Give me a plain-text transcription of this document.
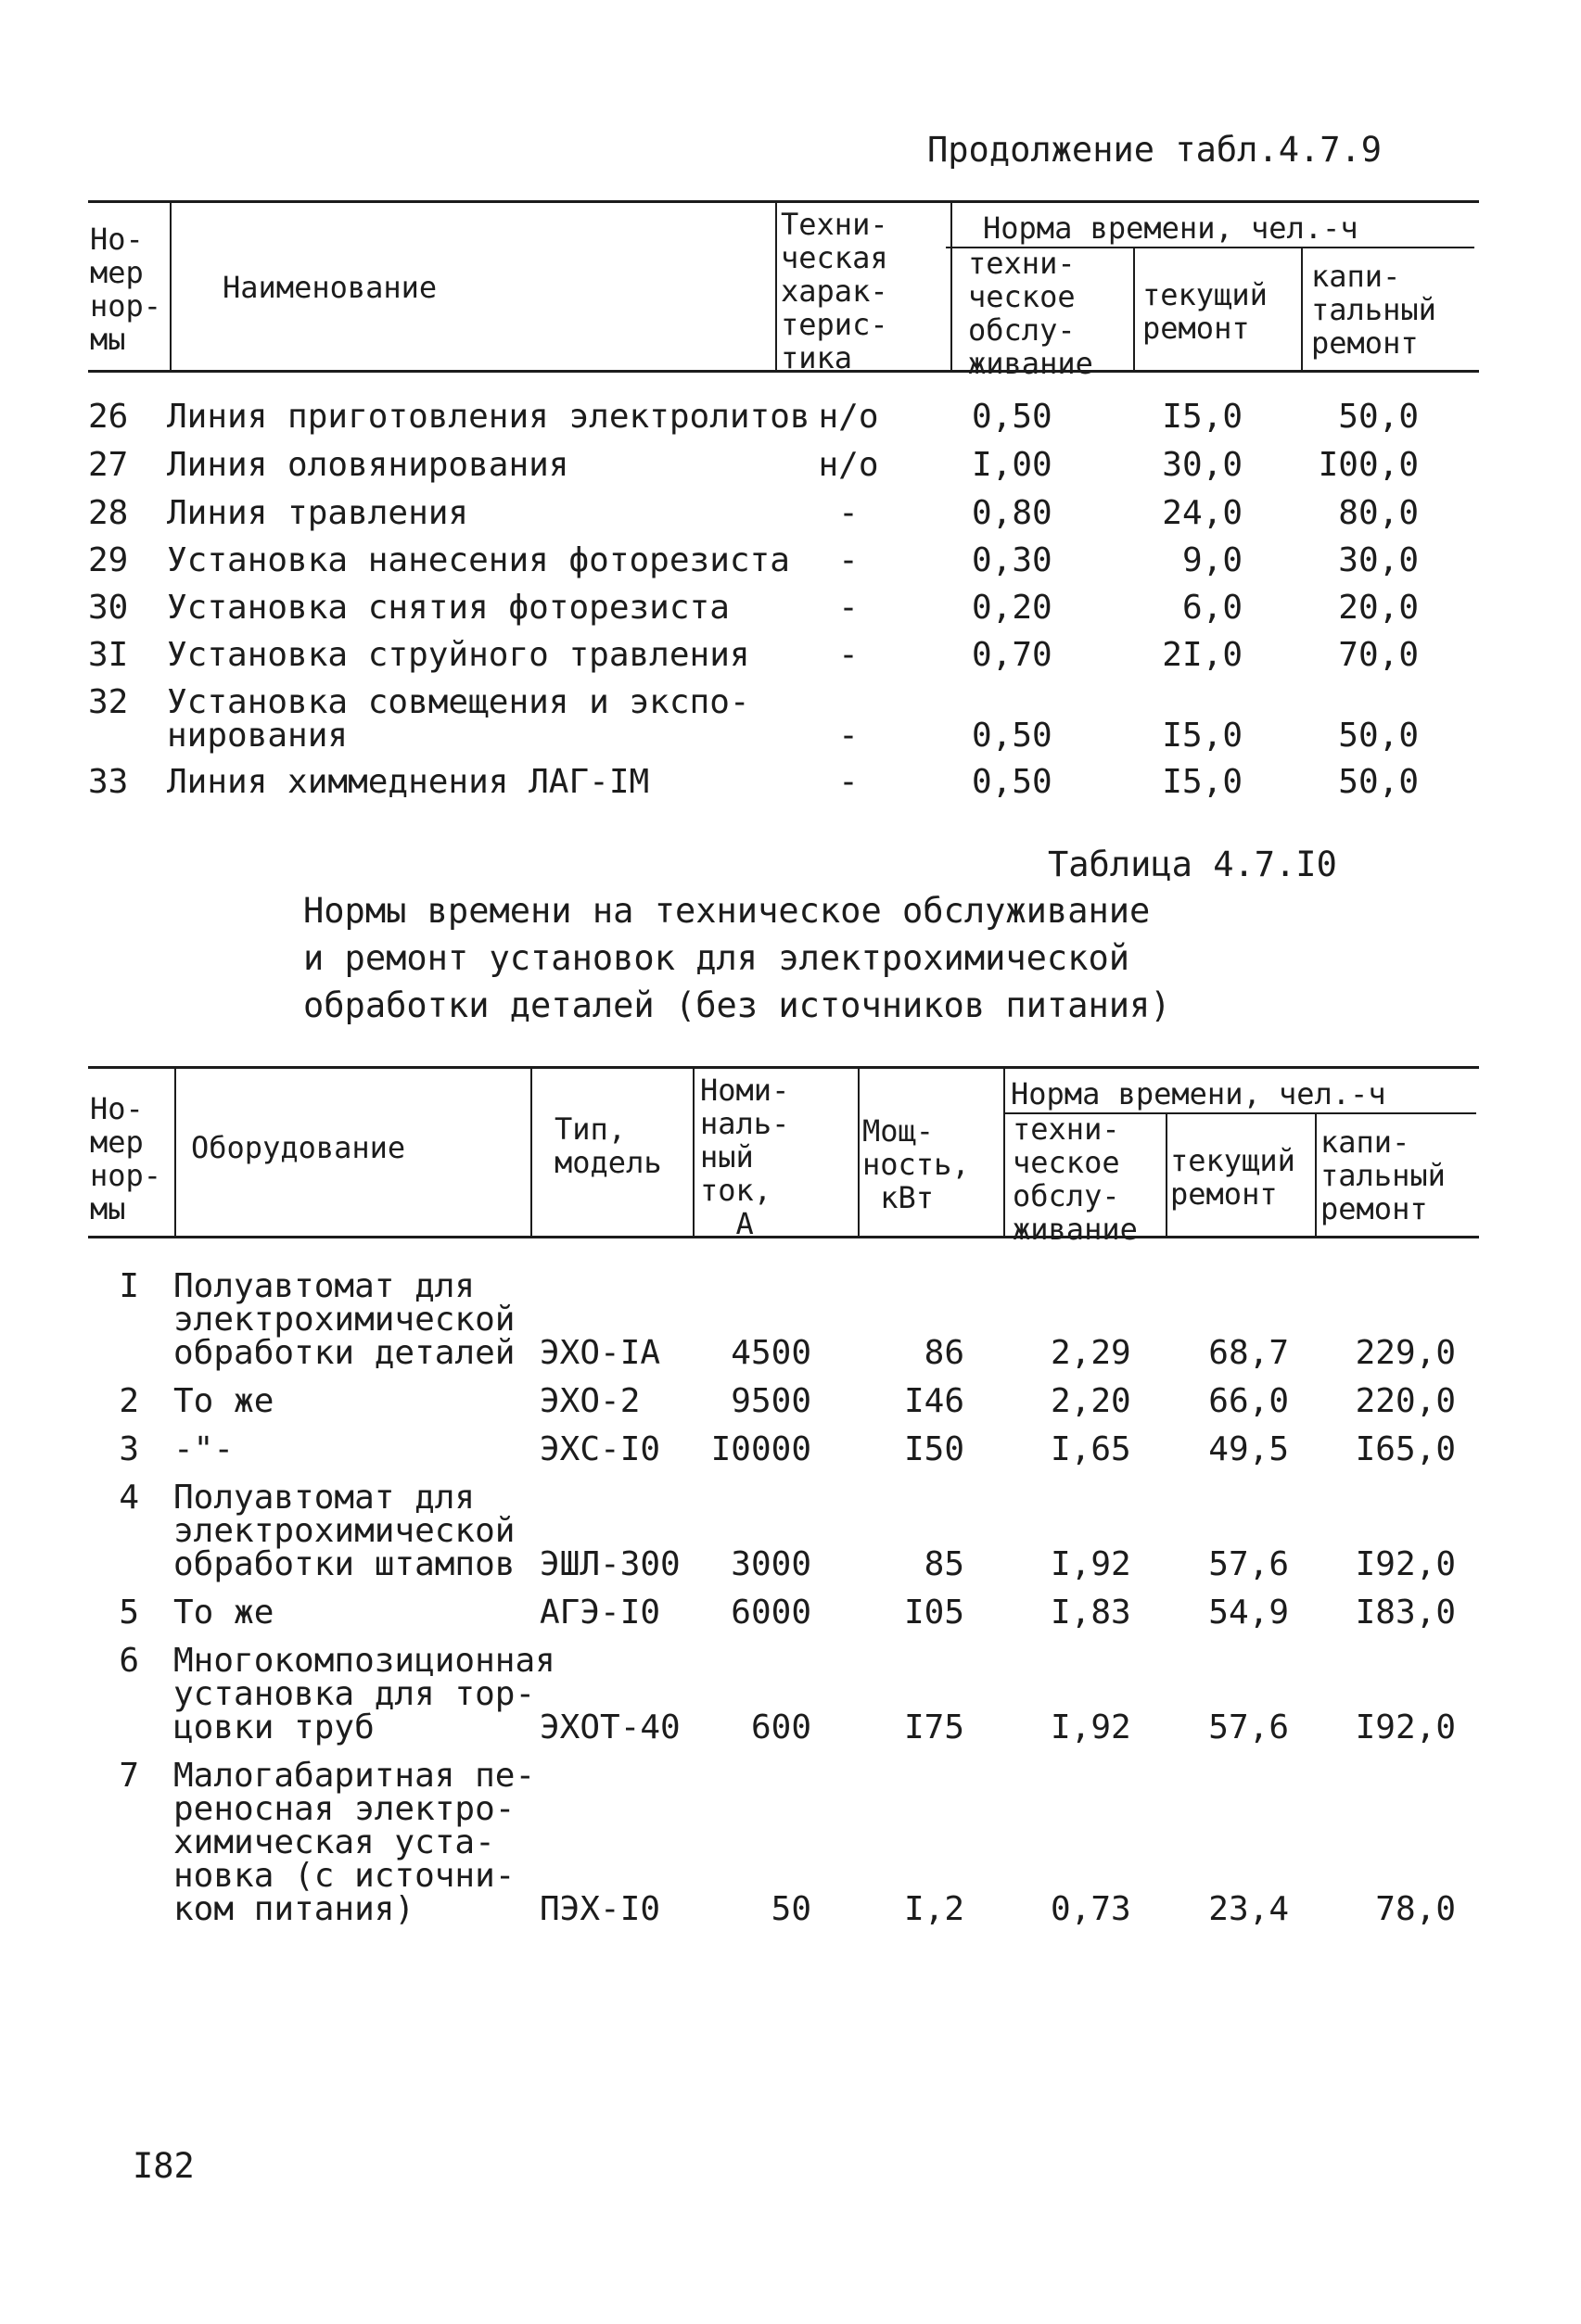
Продолжение табл.4.7.9
Но-
мер
нор-
мы
Наименование
Техни-
ческая
харак-
терис-
тика
Норма времени, чел.-ч
техни-
ческое
обслу-
живание
текущий
ремонт
капи-
тальный
ремонт
26 Линия приготовления электролитов н/о	0,50	I5,0	50,0
27 Линия оловянирования	н/о	I,00	30,0	I00,0
28 Линия травления	-	0,80	24,0	80,0
29 Установка нанесения фоторезиста	-	0,30	9,0	30,0
30 Установка снятия фоторезиста	-	0,20	6,0	20,0
3I Установка струйного травления	-	0,70	2I,0	70,0
32 Установка совмещения и экспо-
нирования	-	0,50	I5,0	50,0
33 Линия химмеднения ЛАГ-IM	-	0,50	I5,0	50,0
Таблица 4.7.I0
Нормы времени на техническое обслуживание
и ремонт установок для электрохимической
обработки деталей (без источников питания)
Но-
мер
нор-
мы
Оборудование
Тип,
модель
Номи-
наль-
ный
ток,
А
Мощ-
ность,
кВт
Норма времени, чел.-ч
техни-
ческое
обслу-
живание
текущий
ремонт
капи-
тальный
ремонт
I Полуавтомат для
электрохимической
обработки деталей ЭХО-IA	4500	86	2,29	68,7	229,0
2 То же	ЭХО-2	9500	I46	2,20	66,0	220,0
3 -"-	ЭХС-I0	I0000	I50	I,65	49,5	I65,0
4 Полуавтомат для
электрохимической
обработки штампов ЭШЛ-300	3000	85	I,92	57,6	I92,0
5 То же	АГЭ-I0	6000	I05	I,83	54,9	I83,0
6 Многокомпозиционная
установка для тор-
цовки труб	ЭХОТ-40	600	I75	I,92	57,6	I92,0
7 Малогабаритная пе-
реносная электро-
химическая уста-
новка (с источни-
ком питания)	ПЭХ-I0	50	I,2	0,73	23,4	78,0
I82
